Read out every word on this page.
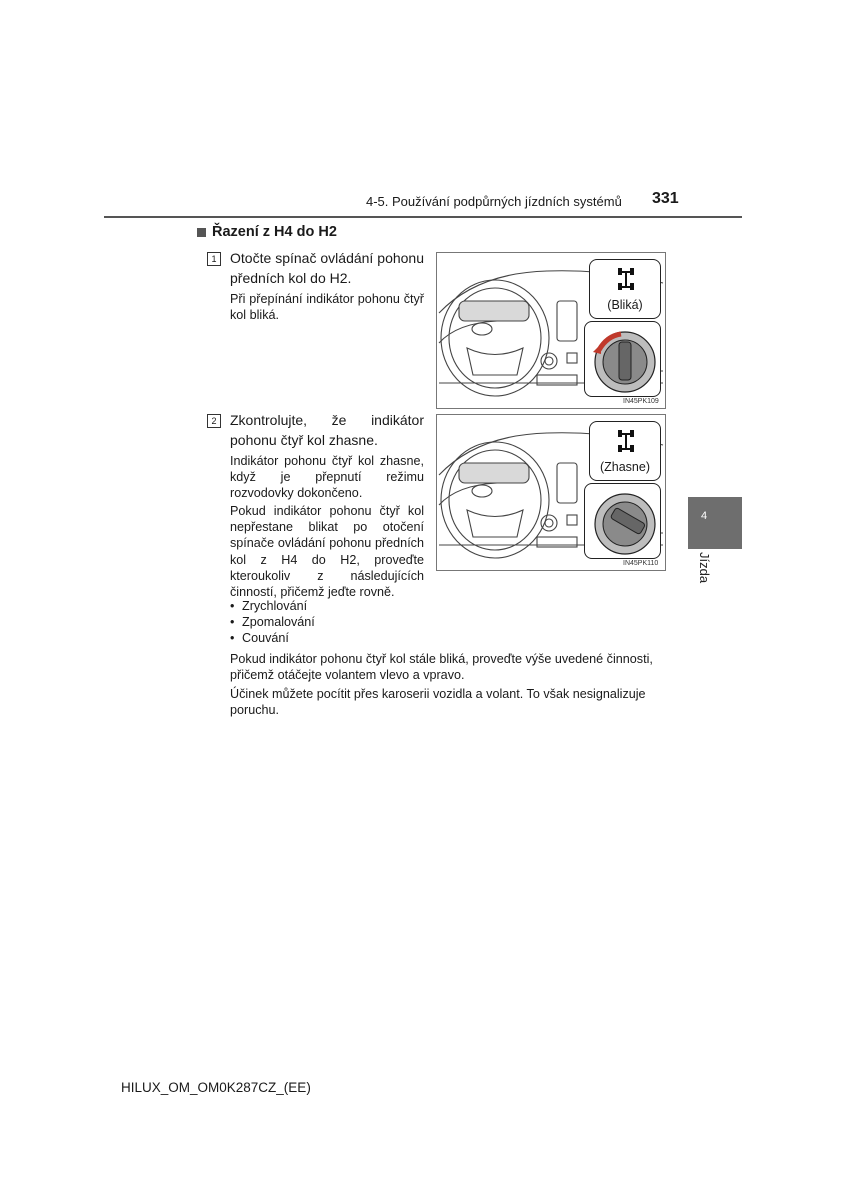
4-5. Používání podpůrných jízdních systémů 331
Řazení z H4 do H2
1 Otočte spínač ovládání pohonu předních kol do H2.
Při přepínání indikátor pohonu čtyř kol bliká.
(Bliká)
IN45PK109
2 Zkontrolujte, že indikátor pohonu čtyř kol zhasne.
Indikátor pohonu čtyř kol zhasne, když je přepnutí režimu rozvodovky dokončeno.
Pokud indikátor pohonu čtyř kol nepřestane blikat po otočení spínače ovládání pohonu předních kol z H4 do H2, proveďte kteroukoliv z následujících činností, přičemž jeďte rovně.
• Zrychlování
• Zpomalování
• Couvání
(Zhasne)
IN45PK110
Pokud indikátor pohonu čtyř kol stále bliká, proveďte výše uvedené činnosti, přičemž otáčejte volantem vlevo a vpravo.
Účinek můžete pocítit přes karoserii vozidla a volant. To však nesignalizuje poruchu.
4
Jízda
HILUX_OM_OM0K287CZ_(EE)
